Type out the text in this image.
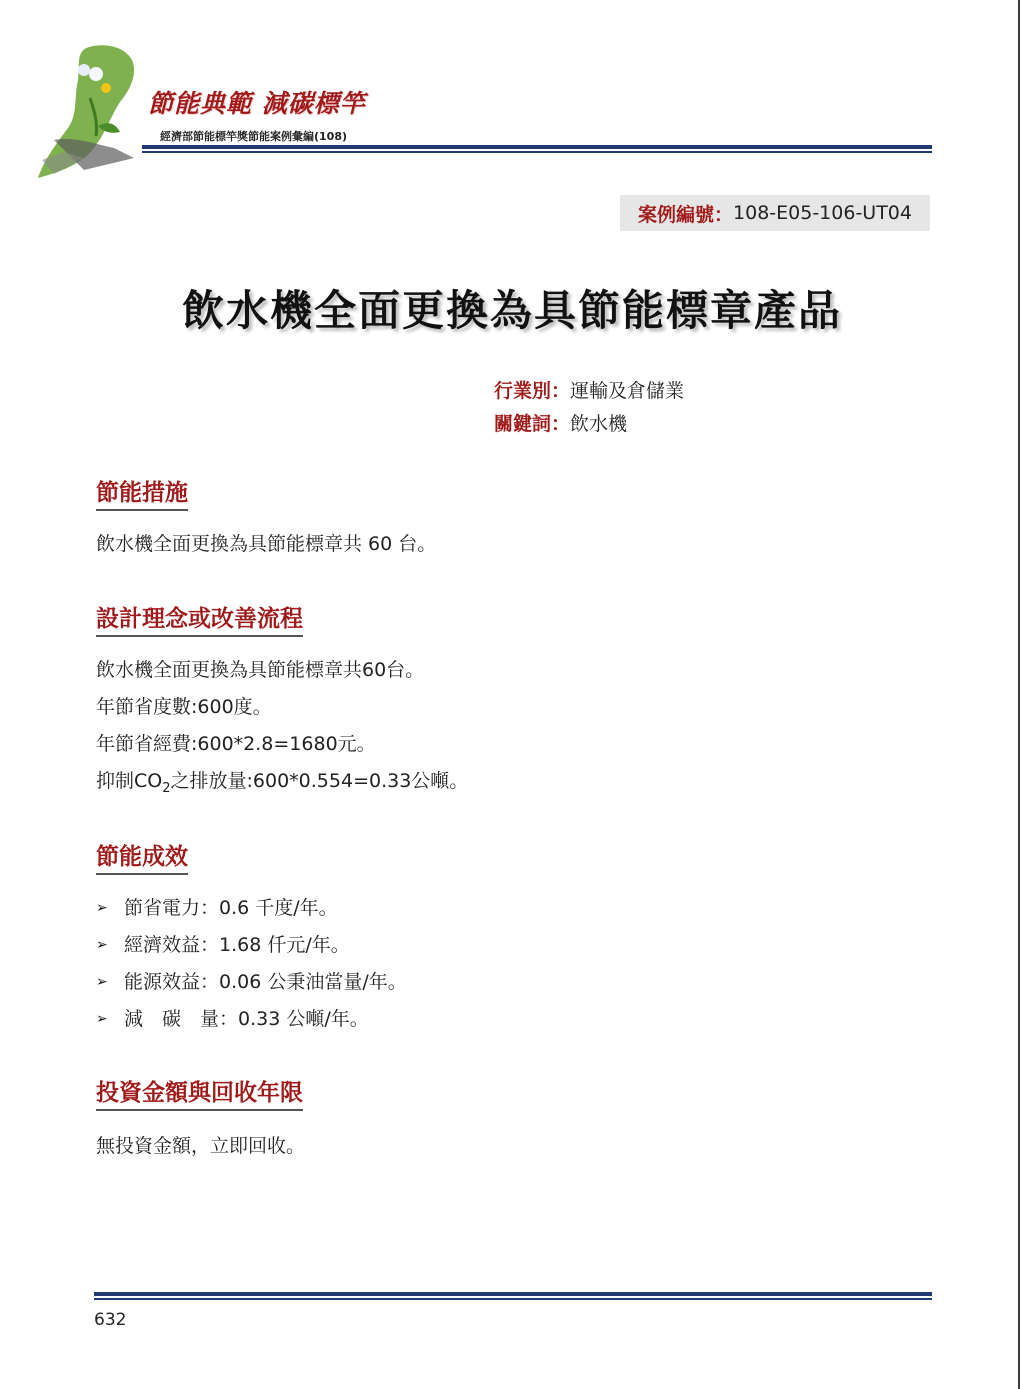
節能典範 減碳標竿
經濟部節能標竿獎節能案例彙編(108)
案例編號： 108-E05-106-UT04
飲水機全面更換為具節能標章產品
行業別：運輸及倉儲業
關鍵詞：飲水機
節能措施
飲水機全面更換為具節能標章共 60 台。
設計理念或改善流程
飲水機全面更換為具節能標章共60台。
年節省度數:600度。
年節省經費:600*2.8=1680元。
抑制$CO_2$之排放量:600*0.554=0.33公噸。
節能成效
➢ 節省電力：0.6 千度/年。
➢ 經濟效益：1.68 仟元/年。
➢ 能源效益：0.06 公秉油當量/年。
➢ 減　碳　量：0.33 公噸/年。
投資金額與回收年限
無投資金額，立即回收。
632
